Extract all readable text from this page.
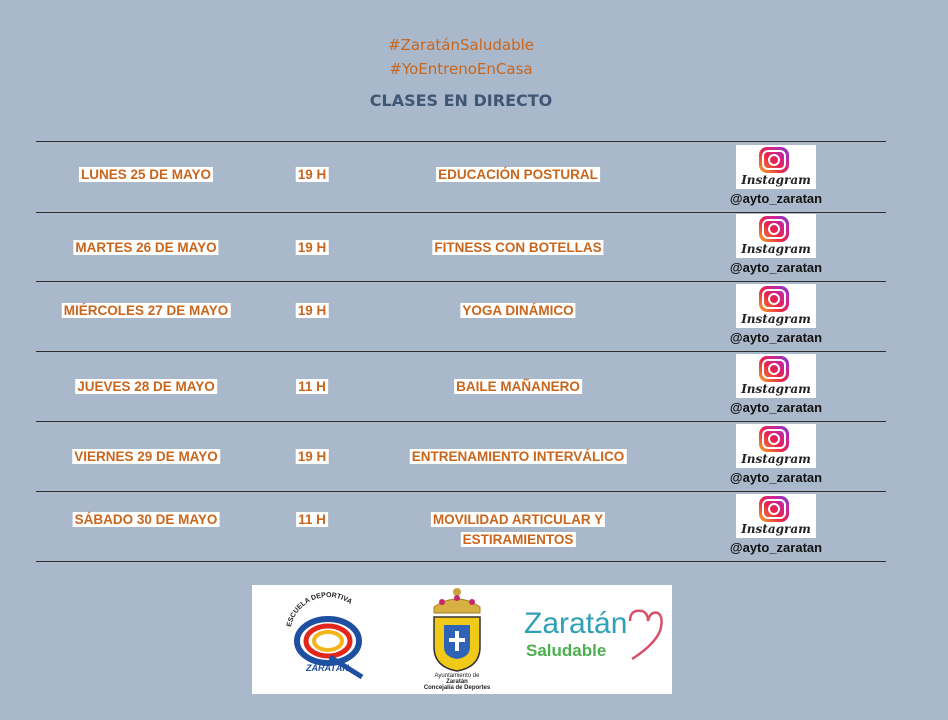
#ZaratánSaludable
#YoEntrenoEnCasa
CLASES EN DIRECTO
LUNES 25 DE MAYO	19 H	EDUCACIÓN POSTURAL	Instagram
@ayto_zaratan
MARTES 26 DE MAYO	19 H	FITNESS CON BOTELLAS	Instagram
@ayto_zaratan
MIÉRCOLES 27 DE MAYO	19 H	YOGA DINÁMICO
Instagram
@ayto_zaratan
JUEVES 28 DE MAYO	11 H	BAILE MAÑANERO	Instagram
@ayto_zaratan
VIERNES 29 DE MAYO	19 H	ENTRENAMIENTO INTERVÁLICO	Instagram
@ayto_zaratan
SÁBADO 30 DE MAYO	11 H	MOVILIDAD ARTICULAR Y
ESTIRAMIENTOS
Instagram
@ayto_zaratan
ESCUELA DEPORTIVA
ZARATÁN
Ayuntamiento de
Zaratán
Concejalía de Deportes
Zaratán
Saludable
